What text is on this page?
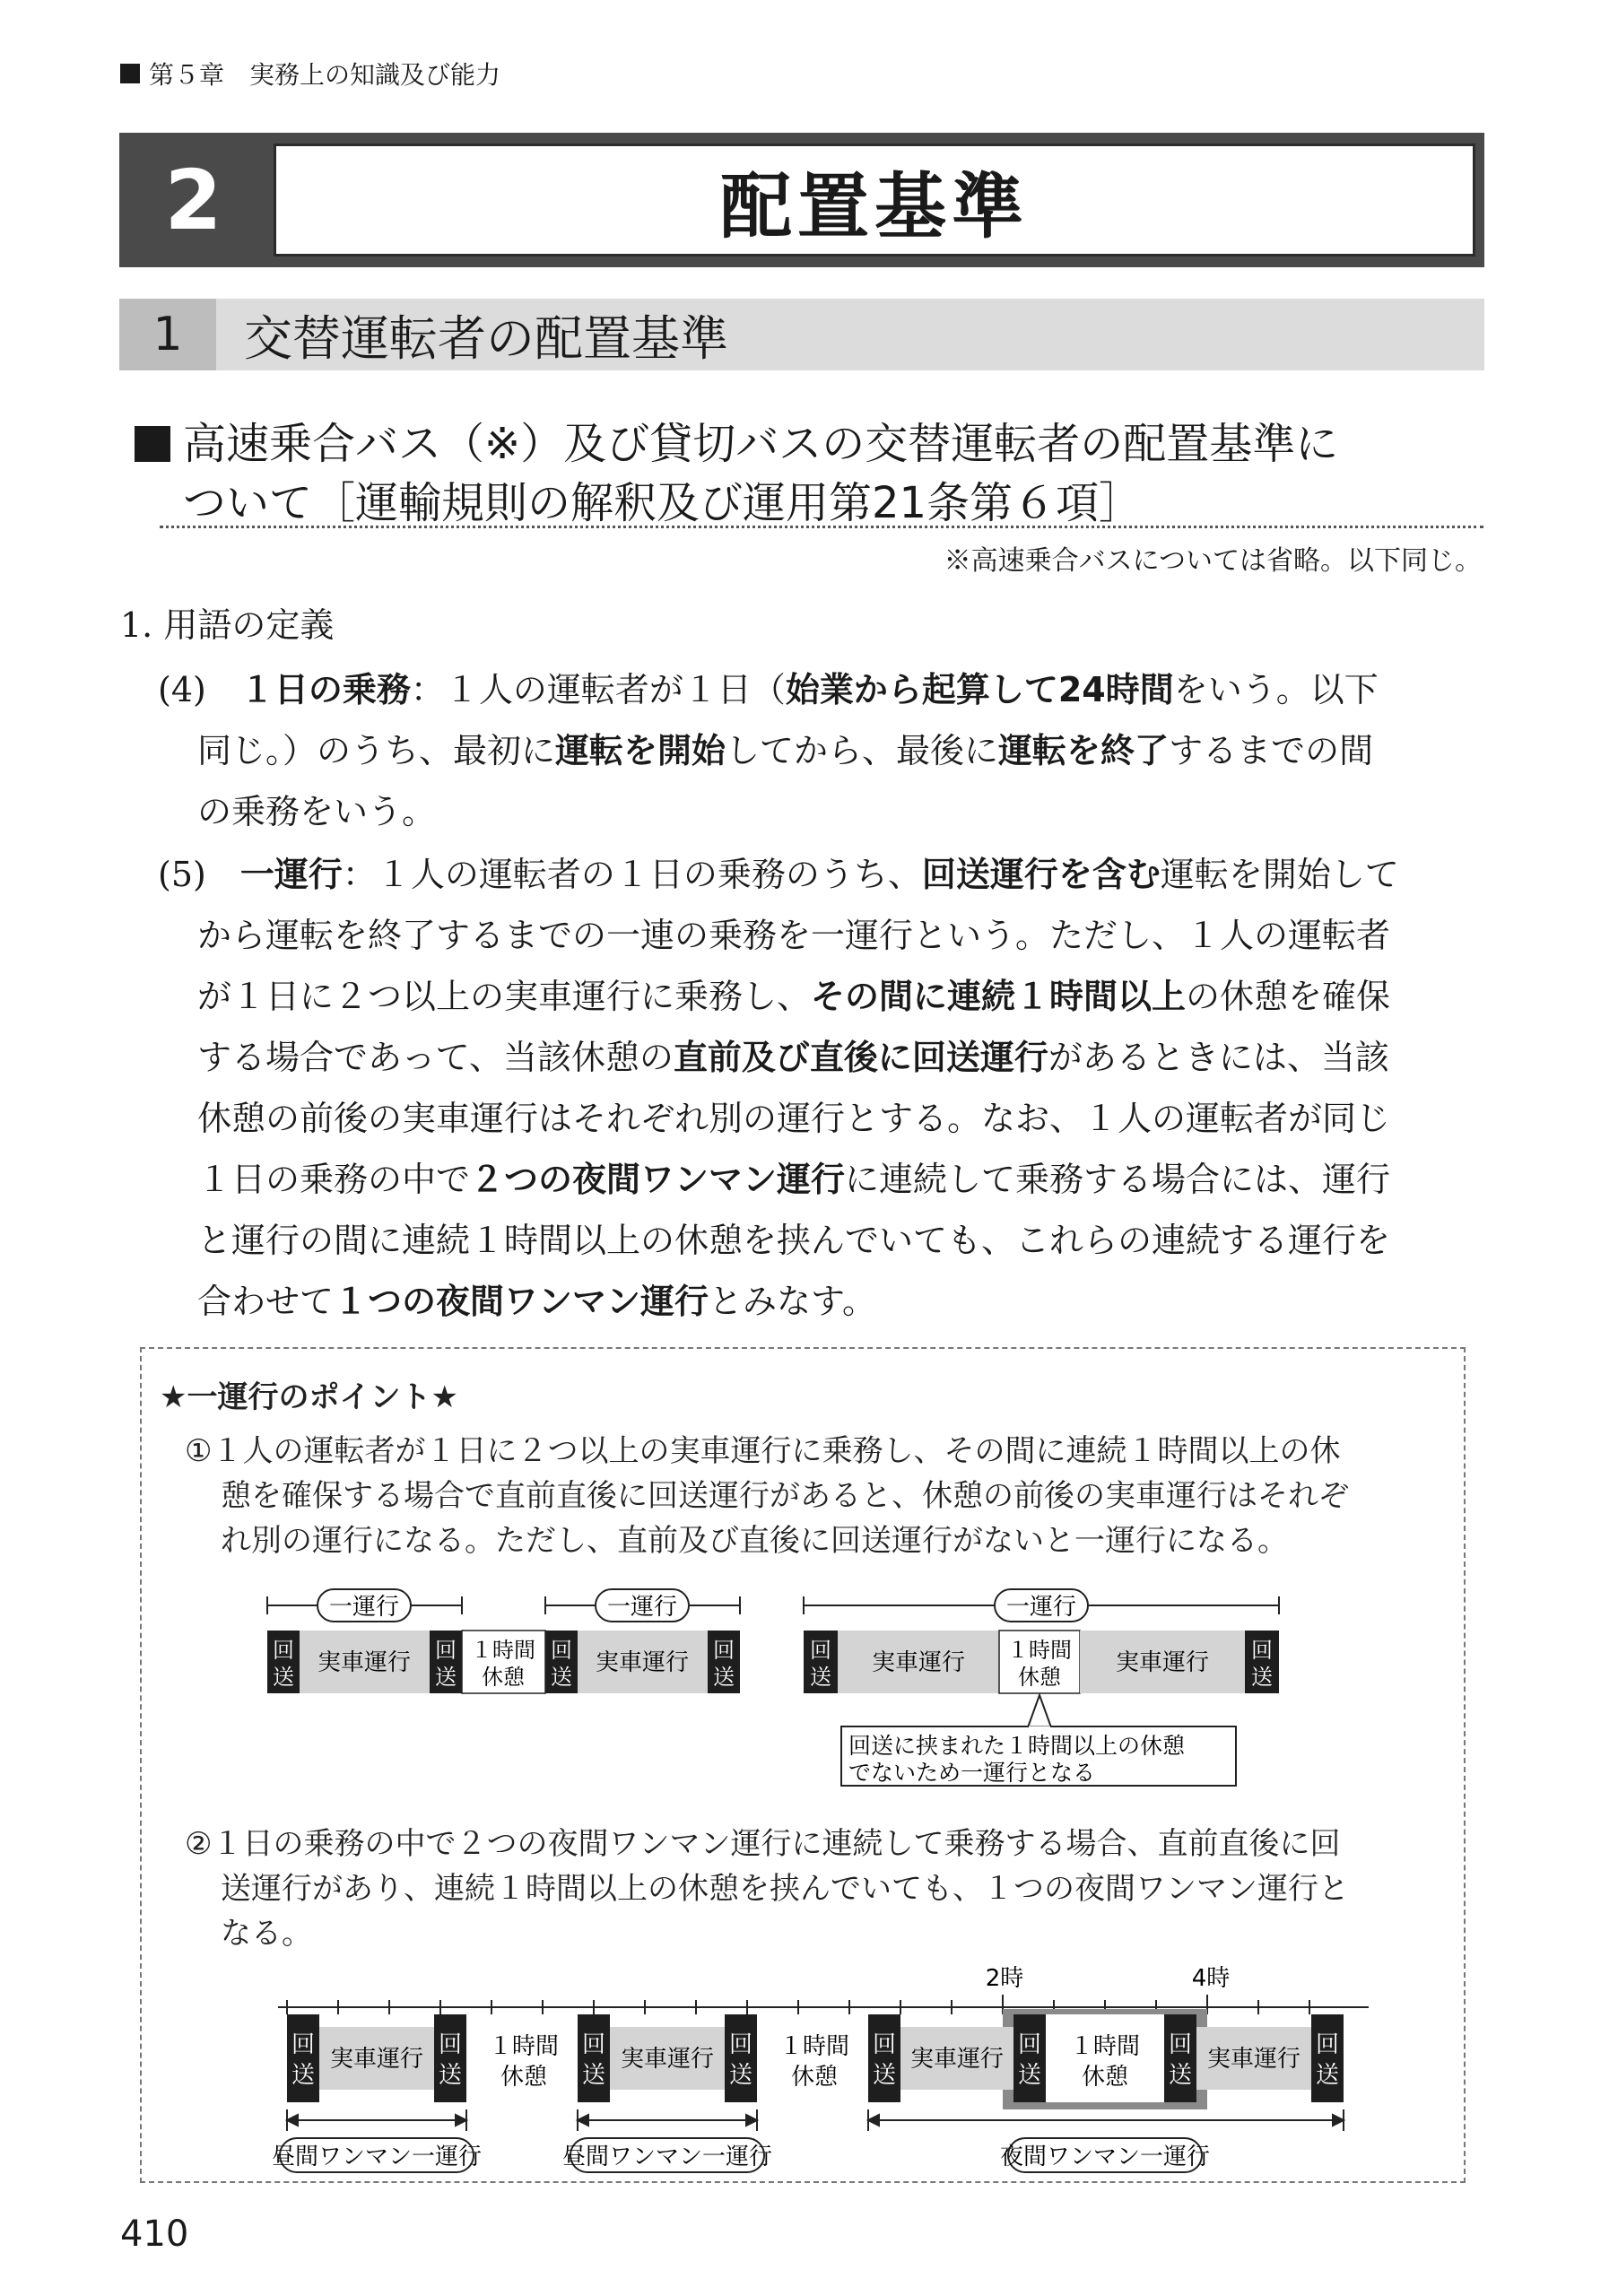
第５章　実務上の知識及び能力
2	配置基準
1	交替運転者の配置基準
高速乗合バス（※）及び貸切バスの交替運転者の配置基準に
ついて［運輸規則の解釈及び運用第21条第６項］
※高速乗合バスについては省略。以下同じ。
1. 用語の定義
(4)　１日の乗務：１人の運転者が１日（始業から起算して24時間をいう。以下
同じ。）のうち、最初に運転を開始してから、最後に運転を終了するまでの間
の乗務をいう。
(5)　一運行：１人の運転者の１日の乗務のうち、回送運行を含む運転を開始して
から運転を終了するまでの一連の乗務を一運行という。ただし、１人の運転者
が１日に２つ以上の実車運行に乗務し、その間に連続１時間以上の休憩を確保
する場合であって、当該休憩の直前及び直後に回送運行があるときには、当該
休憩の前後の実車運行はそれぞれ別の運行とする。なお、１人の運転者が同じ
１日の乗務の中で２つの夜間ワンマン運行に連続して乗務する場合には、運行
と運行の間に連続１時間以上の休憩を挟んでいても、これらの連続する運行を
合わせて１つの夜間ワンマン運行とみなす。
★一運行のポイント★
①１人の運転者が１日に２つ以上の実車運行に乗務し、その間に連続１時間以上の休
憩を確保する場合で直前直後に回送運行があると、休憩の前後の実車運行はそれぞ
れ別の運行になる。ただし、直前及び直後に回送運行がないと一運行になる。
一運行	一運行
回
送
実車運行 回
送
１時間
休憩
回
送
実車運行 回
送
一運行
回
送
実車運行 １時間
休憩
実車運行 回
送
回送に挟まれた１時間以上の休憩
でないため一運行となる
②１日の乗務の中で２つの夜間ワンマン運行に連続して乗務する場合、直前直後に回
送運行があり、連続１時間以上の休憩を挟んでいても、１つの夜間ワンマン運行と
なる。
2時	4時
回
送
実車運行
回
送
１時間
休憩
回
送
実車運行
回
送
１時間
休憩
回
送
実車運行
回
送
１時間
休憩
回
送
実車運行
回
送
昼間ワンマン一運行	昼間ワンマン一運行	夜間ワンマン一運行
410
